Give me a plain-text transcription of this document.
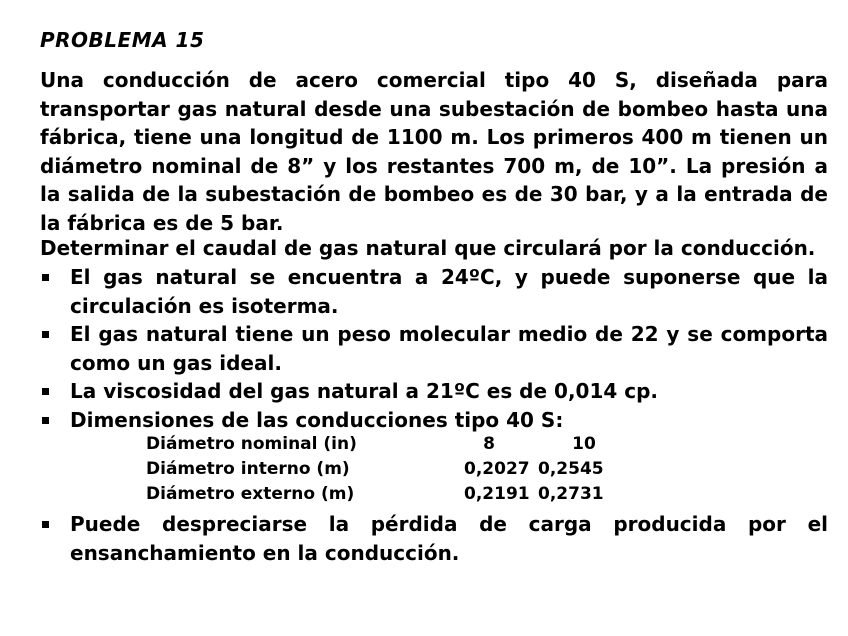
PROBLEMA 15
Una conducción de acero comercial tipo 40 S, diseñada para transportar gas natural desde una subestación de bombeo hasta una fábrica, tiene una longitud de 1100 m. Los primeros 400 m tienen un diámetro nominal de 8” y los restantes 700 m, de 10”. La presión a la salida de la subestación de bombeo es de 30 bar, y a la entrada de la fábrica es de 5 bar.
Determinar el caudal de gas natural que circulará por la conducción.
El gas natural se encuentra a 24ºC, y puede suponerse que la circulación es isoterma.
El gas natural tiene un peso molecular medio de 22 y se comporta como un gas ideal.
La viscosidad del gas natural a 21ºC es de 0,014 cp.
Dimensiones de las conducciones tipo 40 S:
Diámetro nominal (in)	8	10
Diámetro interno (m)	0,2027 0,2545
Diámetro externo (m)	0,2191 0,2731
Puede despreciarse la pérdida de carga producida por el ensanchamiento en la conducción.
